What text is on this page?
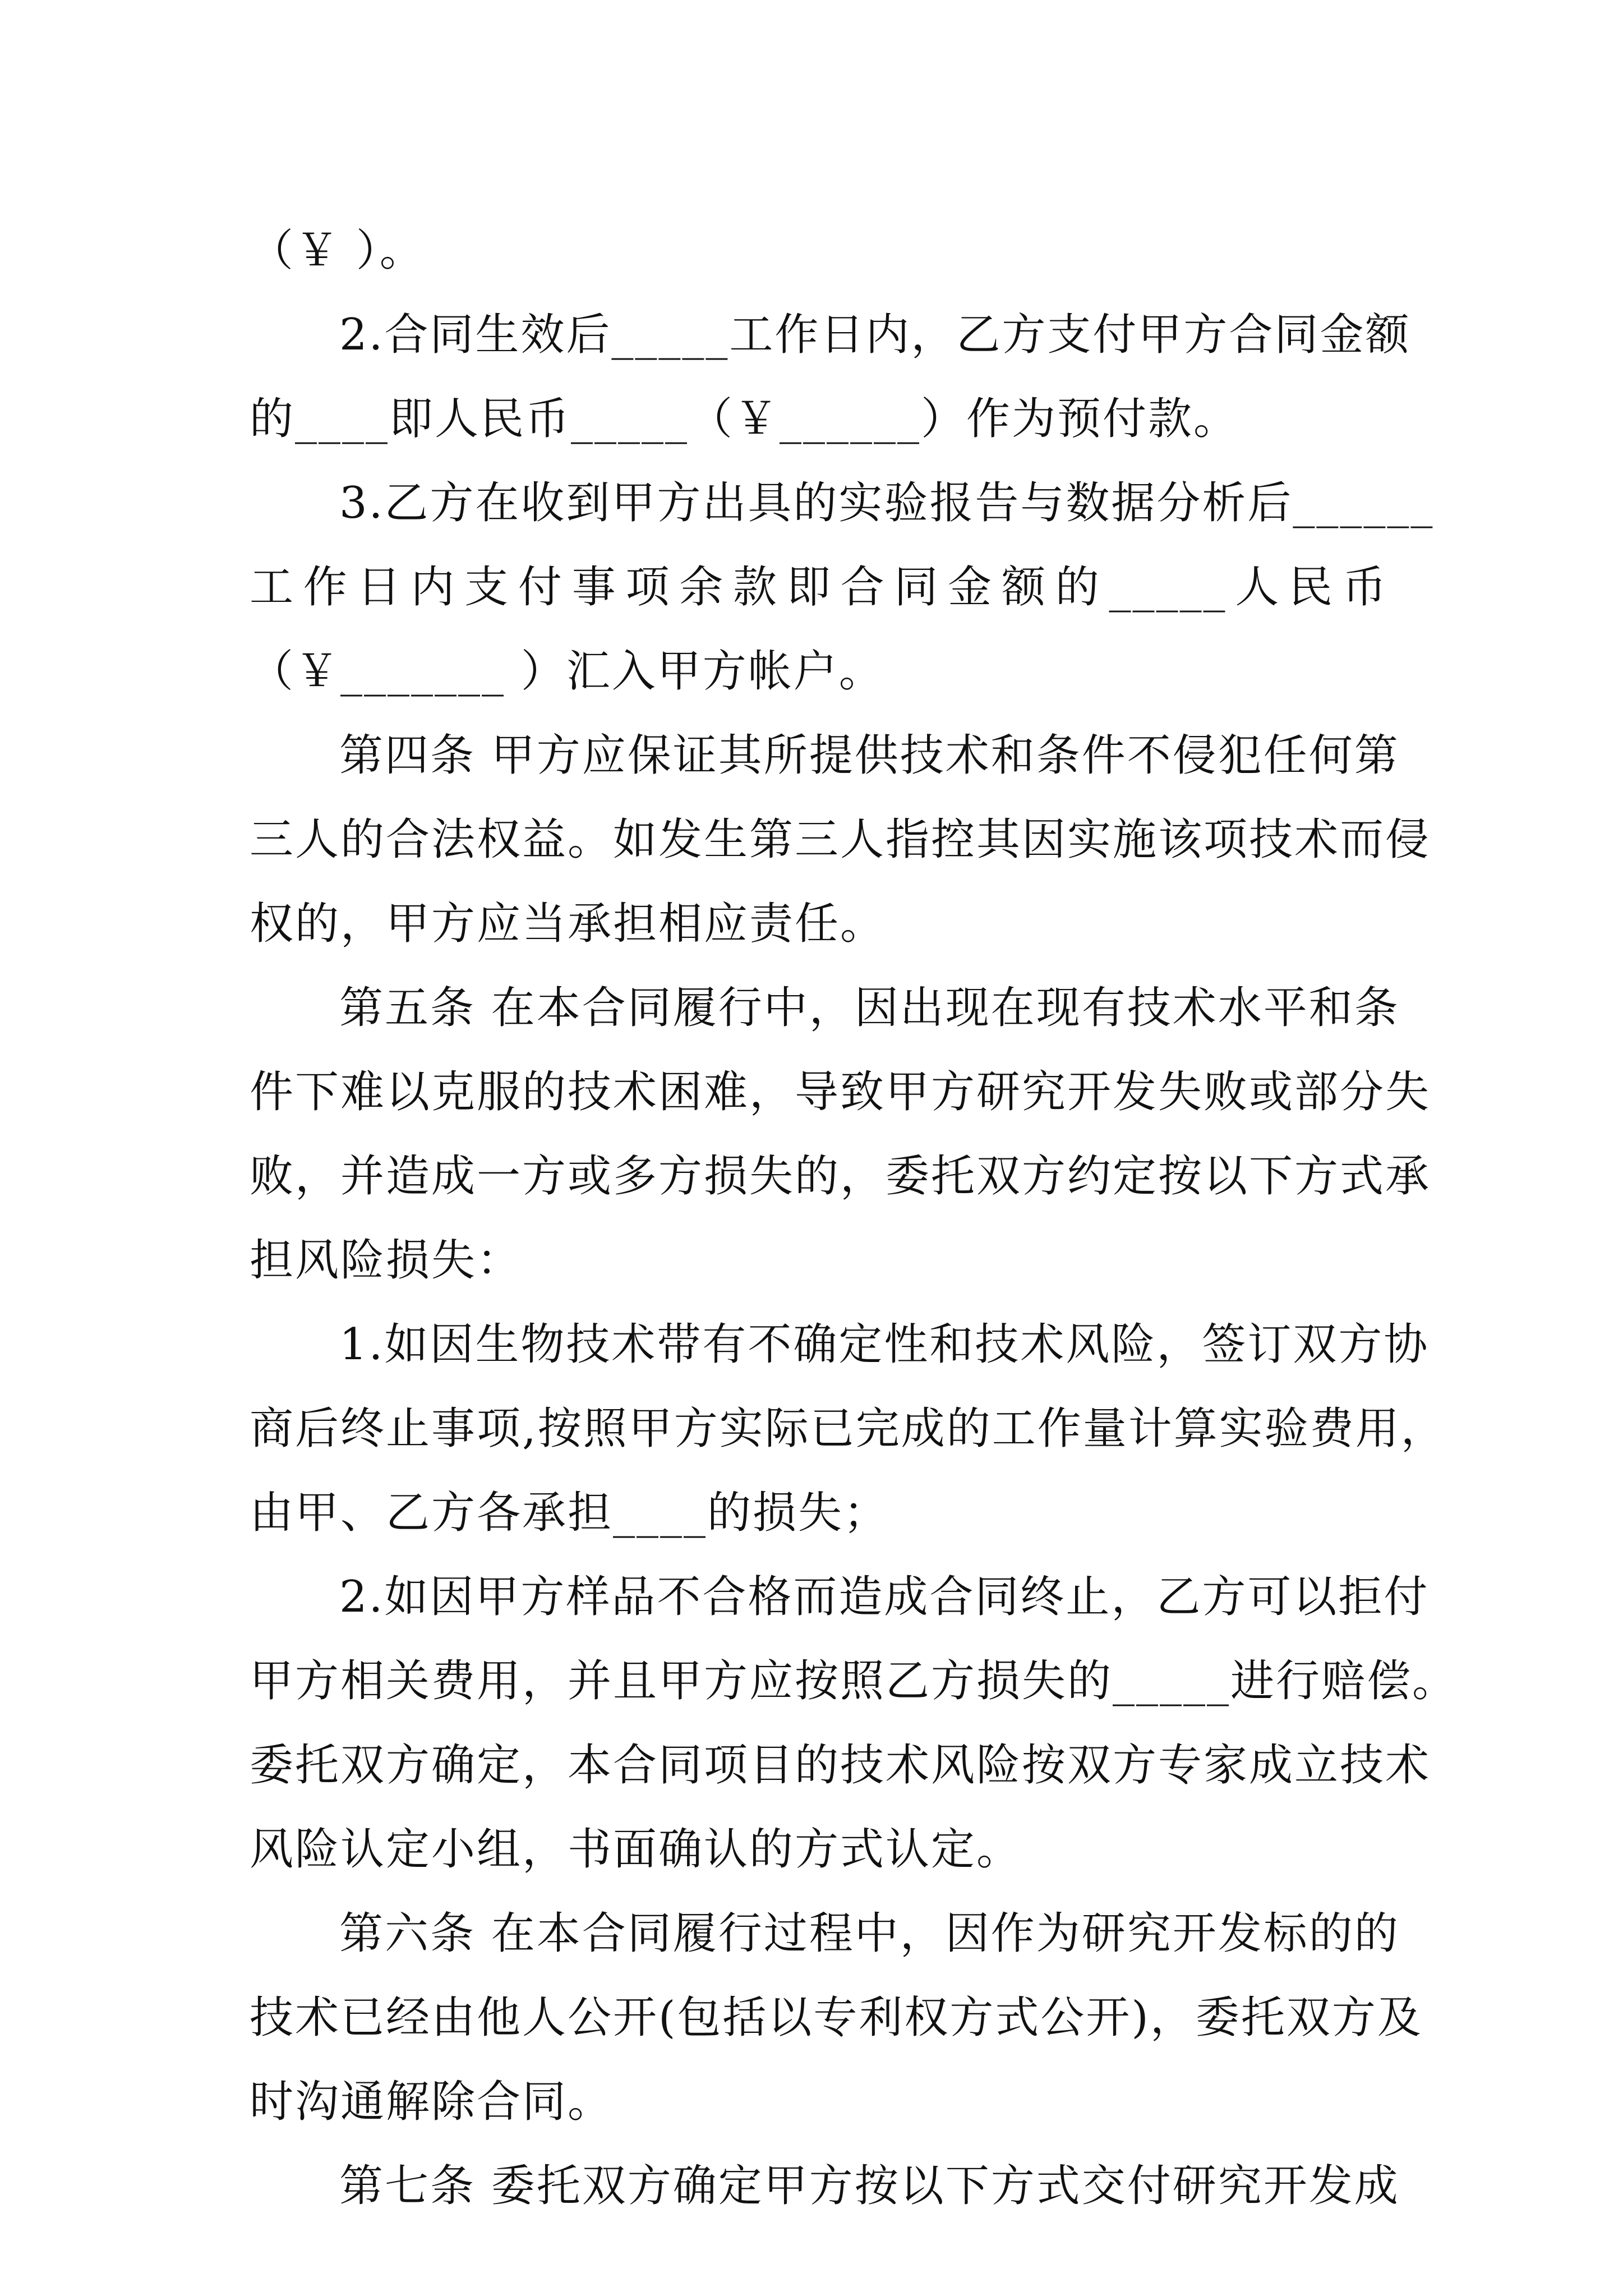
（￥ ）。
2.合同生效后_____工作日内，乙方支付甲方合同金额
的____即人民币_____（￥______）作为预付款。
3.乙方在收到甲方出具的实验报告与数据分析后______
工 作 日 内 支 付 事 项 余 款 即 合 同 金 额 的 _____ 人 民 币
（￥_______ ）汇入甲方帐户。
第四条 甲方应保证其所提供技术和条件不侵犯任何第
三人的合法权益。如发生第三人指控其因实施该项技术而侵
权的，甲方应当承担相应责任。
第五条 在本合同履行中，因出现在现有技术水平和条
件下难以克服的技术困难，导致甲方研究开发失败或部分失
败，并造成一方或多方损失的，委托双方约定按以下方式承
担风险损失：
1.如因生物技术带有不确定性和技术风险，签订双方协
商后终止事项,按照甲方实际已完成的工作量计算实验费用，
由甲、乙方各承担____的损失；
2.如因甲方样品不合格而造成合同终止，乙方可以拒付
甲方相关费用，并且甲方应按照乙方损失的_____进行赔偿。
委托双方确定，本合同项目的技术风险按双方专家成立技术
风险认定小组，书面确认的方式认定。
第六条 在本合同履行过程中，因作为研究开发标的的
技术已经由他人公开(包括以专利权方式公开)，委托双方及
时沟通解除合同。
第七条 委托双方确定甲方按以下方式交付研究开发成
